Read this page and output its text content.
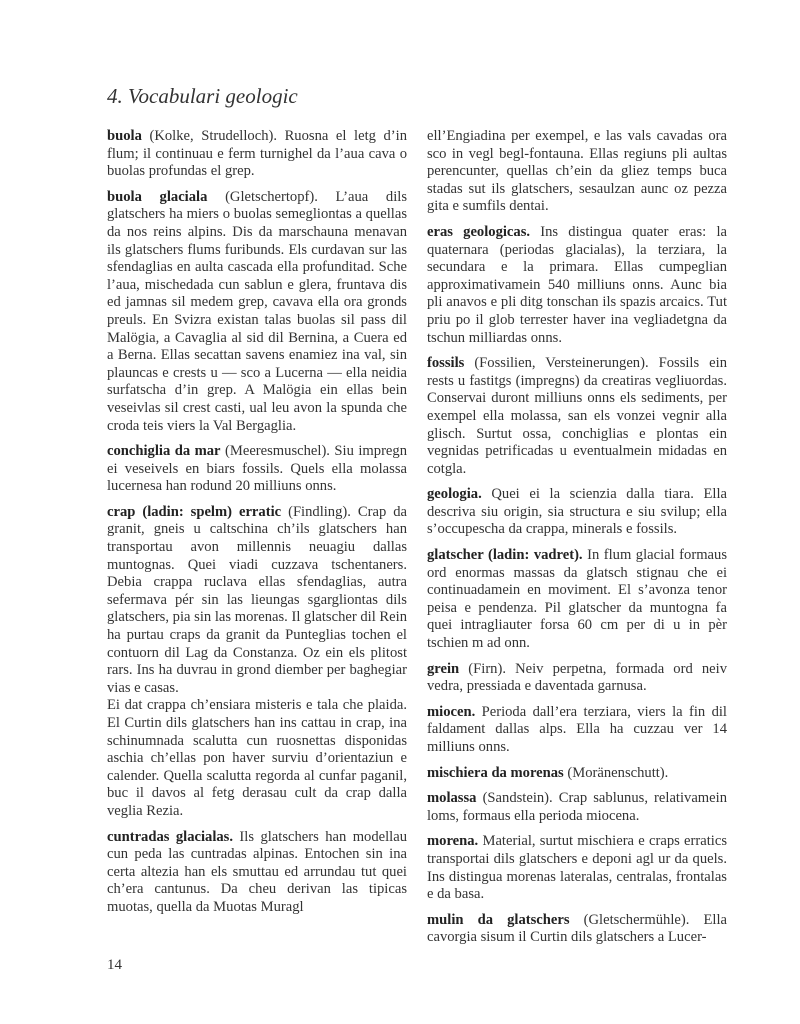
4. Vocabulari geologic

buola (Kolke, Strudelloch). Ruosna el letg d’in flum; il continuau e ferm turnighel da l’aua cava o buolas profundas el grep.

buola glaciala (Gletschertopf). L’aua dils glatschers ha miers o buolas semegliontas a quellas da nos reins alpins. Dis da marschauna menavan ils glatschers flums furibunds. Els curdavan sur las sfendaglias en aulta cascada ella profunditad. Sche l’aua, mischedada cun sablun e glera, fruntava dis ed jamnas sil medem grep, cavava ella ora gronds preuls. En Svizra existan talas buolas sil pass dil Malögia, a Cavaglia al sid dil Bernina, a Cuera ed a Berna. Ellas secattan savens enamiez ina val, sin plauncas e crests u — sco a Lucerna — ella neidia surfatscha d’in grep. A Malögia ein ellas bein veseivlas sil crest casti, ual leu avon la spunda che croda teis viers la Val Bergaglia.

conchiglia da mar (Meeresmuschel). Siu impregn ei veseivels en biars fossils. Quels ella molassa lucernesa han rodund 20 milliuns onns.

crap (ladin: spelm) erratic (Findling). Crap da granit, gneis u caltschina ch’ils glatschers han transportau avon millennis neuagiu dallas muntognas. Quei viadi cuzzava tschentaners. Debia crappa ruclava ellas sfendaglias, autra sefermava pér sin las lieungas sgargliontas dils glatschers, pia sin las morenas. Il glatscher dil Rein ha purtau craps da granit da Punteglias tochen el contuorn dil Lag da Constanza. Oz ein els plitost rars. Ins ha duvrau in grond diember per baghegiar vias e casas.

Ei dat crappa ch’ensiara misteris e tala che plaida. El Curtin dils glatschers han ins cattau in crap, ina schinumnada scalutta cun ruosnettas disponidas aschia ch’ellas pon haver surviu d’orientaziun e calender. Quella scalutta regorda al cunfar paganil, buc il davos al fetg derasau cult da crap dalla veglia Rezia.

cuntradas glacialas. Ils glatschers han modellau cun peda las cuntradas alpinas. Entochen sin ina certa altezia han els smuttau ed arrundau tut quei ch’era cantunus. Da cheu derivan las tipicas muotas, quella da Muotas Muragl

ell’Engiadina per exempel, e las vals cavadas ora sco in vegl begl-fontauna. Ellas regiuns pli aultas perencunter, quellas ch’ein da gliez temps buca stadas sut ils glatschers, sesaulzan aunc oz pezza gita e sumfils dentai.

eras geologicas. Ins distingua quater eras: la quaternara (periodas glacialas), la terziara, la secundara e la primara. Ellas cumpeglian approximativamein 540 milliuns onns. Aunc bia pli anavos e pli ditg tonschan ils spazis arcaics. Tut priu po il glob terrester haver ina vegliadetgna da tschun milliardas onns.

fossils (Fossilien, Versteinerungen). Fossils ein rests u fastitgs (impregns) da creatiras vegliuordas. Conservai duront milliuns onns els sediments, per exempel ella molassa, san els vonzei vegnir alla glisch. Surtut ossa, conchiglias e plontas ein vegnidas petrificadas u eventualmein midadas en cotgla.

geologia. Quei ei la scienzia dalla tiara. Ella descriva siu origin, sia structura e siu svilup; ella s’occupescha da crappa, minerals e fossils.

glatscher (ladin: vadret). In flum glacial formaus ord enormas massas da glatsch stignau che ei continuadamein en moviment. El s’avonza tenor peisa e pendenza. Pil glatscher da muntogna fa quei intragliauter forsa 60 cm per di u in pèr tschien m ad onn.

grein (Firn). Neiv perpetna, formada ord neiv vedra, pressiada e daventada garnusa.

miocen. Perioda dall’era terziara, viers la fin dil faldament dallas alps. Ella ha cuzzau ver 14 milliuns onns.

mischiera da morenas (Moränenschutt).

molassa (Sandstein). Crap sablunus, relativamein loms, formaus ella perioda miocena.

morena. Material, surtut mischiera e craps erratics transportai dils glatschers e deponi agl ur da quels. Ins distingua morenas lateralas, centralas, frontalas e da basa.

mulin da glatschers (Gletschermühle). Ella cavorgia sisum il Curtin dils glatschers a Lucer-

14
